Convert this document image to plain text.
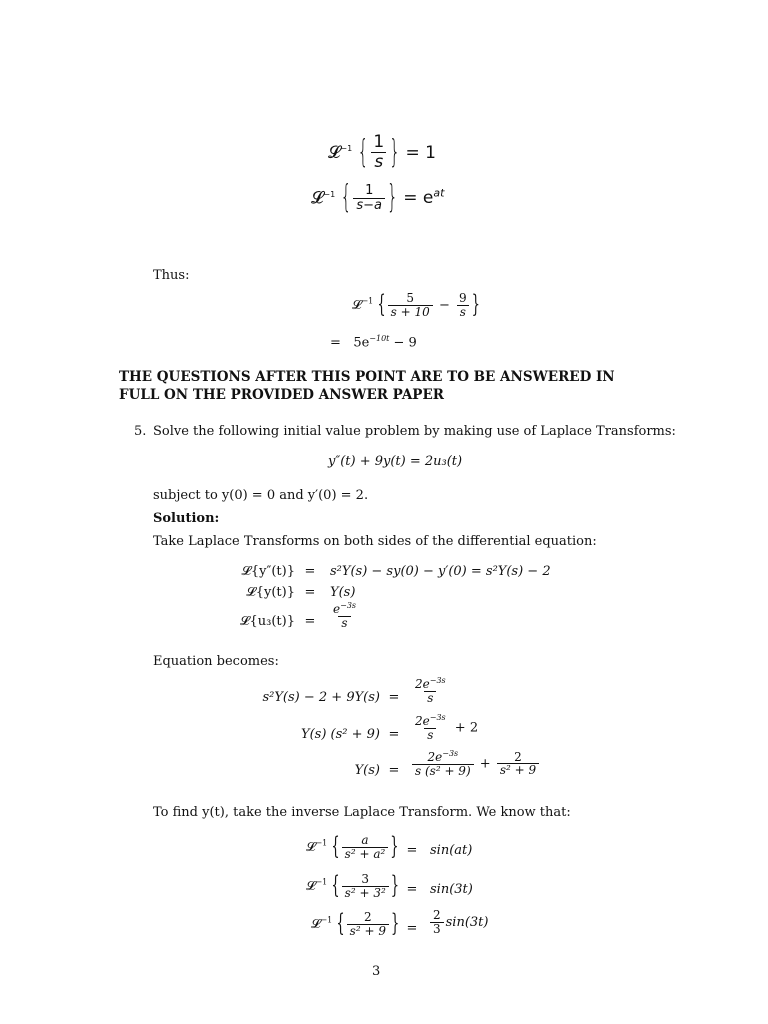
𝓛$^{-1}$ { $\frac{1}{s}$ } = 1
𝓛$^{-1}$ { $\frac{1}{s-a}$ } = $e^{at}$
Thus:
𝓛$^{-1}$ { $\frac{5}{s + 10} - \frac{9}{s}$ }
= $5e^{-10t} - 9$
THE QUESTIONS AFTER THIS POINT ARE TO BE ANSWERED IN
FULL ON THE PROVIDED ANSWER PAPER
5. Solve the following initial value problem by making use of Laplace Transforms:
y″(t) + 9y(t) = 2u₃(t)
subject to y(0) = 0 and y′(0) = 2.
Solution:
Take Laplace Transforms on both sides of the differential equation:
𝓛{y″(t)} =	s²Y(s) − sy(0) − y′(0) = s²Y(s) − 2
𝓛{y(t)} =	Y(s)
𝓛{u₃(t)} =	$\frac{e^{-3s}}{s}$
Equation becomes:
s²Y(s) − 2 + 9Y(s) =	$\frac{2e^{-3s}}{s}$
Y(s) (s² + 9) =	$\frac{2e^{-3s}}{s} + 2$
Y(s) =	$\frac{2e^{-3s}}{\text{s (s² + 9)}} + \frac{2}{\text{s² + 9}}$
To find y(t), take the inverse Laplace Transform. We know that:
𝓛$^{-1}$ { $\frac{a}{\text{s² + a²}}$ } = sin(at)
𝓛$^{-1}$ { $\frac{3}{\text{s² + 3²}}$ } = sin(3t)
𝓛$^{-1}$ { $\frac{2}{\text{s² + 9}}$ } =	$\frac{2}{3} \sin(3t)$
3
